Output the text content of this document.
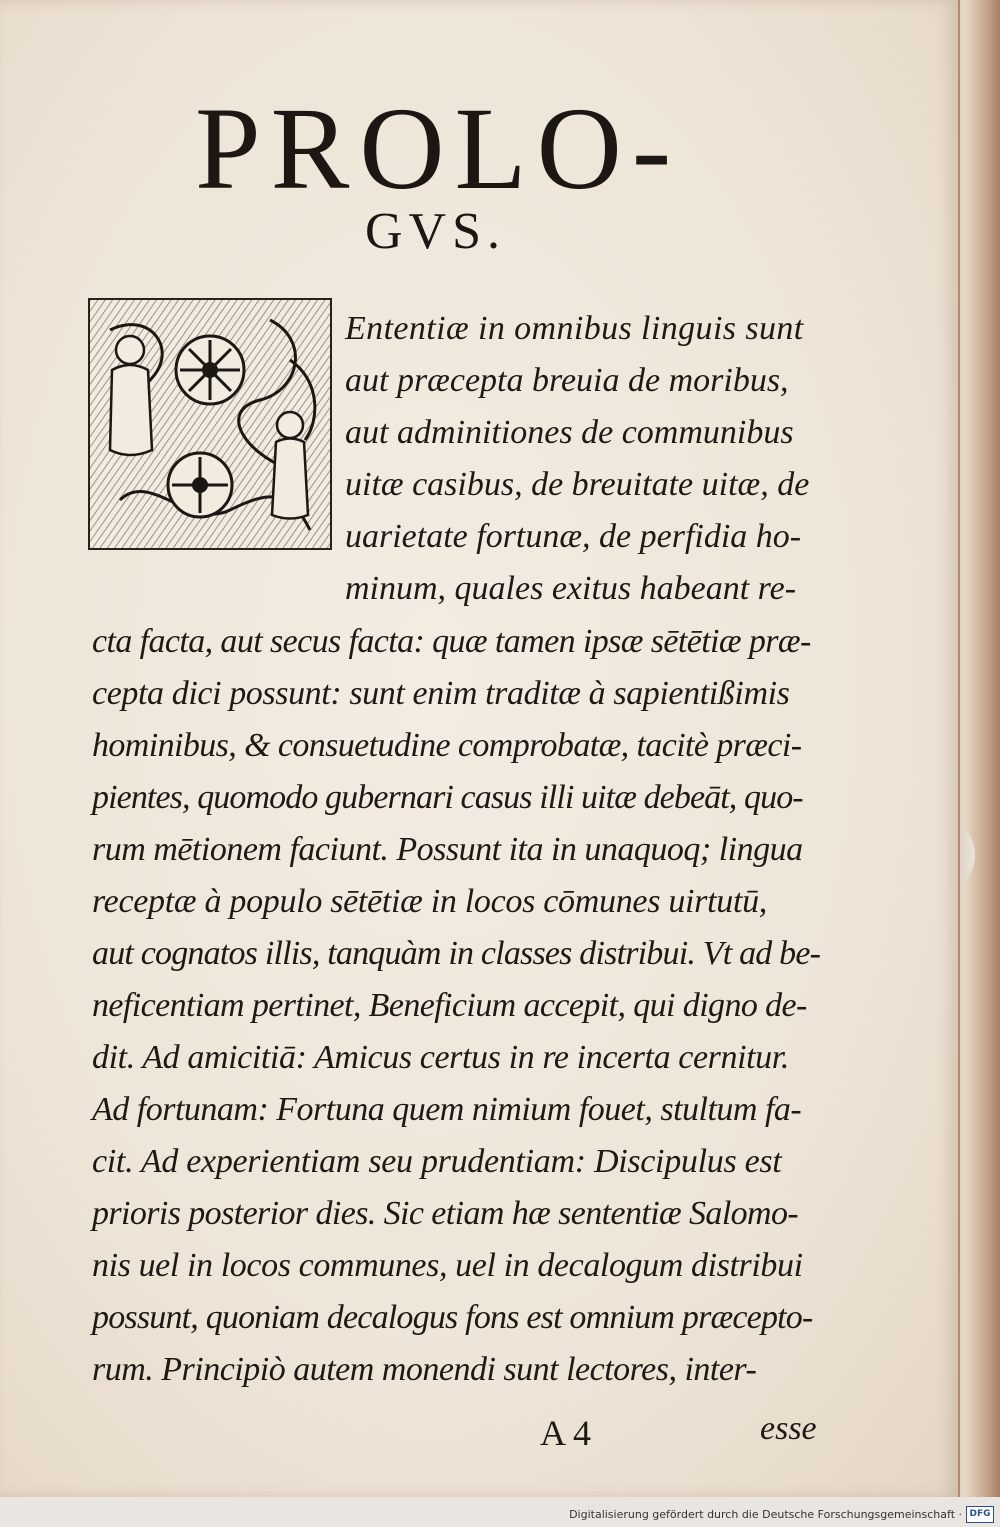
PROLO-
GVS.

Ententiæ in omnibus linguis sunt

aut præcepta breuia de moribus,

aut adminitiones de communibus

uitæ casibus, de breuitate uitæ, de

uarietate fortunæ, de perfidia ho-

minum, quales exitus habeant re-

cta facta, aut secus facta: quæ tamen ipsæ sētētiæ præ-

cepta dici possunt: sunt enim traditæ à sapientißimis

hominibus, & consuetudine comprobatæ, tacitè præci-

pientes, quomodo gubernari casus illi uitæ debeāt, quo-

rum mētionem faciunt. Possunt ita in unaquoq; lingua

receptæ à populo sētētiæ in locos cōmunes uirtutū,

aut cognatos illis, tanquàm in classes distribui. Vt ad be-

neficentiam pertinet, Beneficium accepit, qui digno de-

dit. Ad amicitiā: Amicus certus in re incerta cernitur.

Ad fortunam: Fortuna quem nimium fouet, stultum fa-

cit. Ad experientiam seu prudentiam: Discipulus est

prioris posterior dies. Sic etiam hæ sententiæ Salomo-

nis uel in locos communes, uel in decalogum distribui

possunt, quoniam decalogus fons est omnium præcepto-

rum. Principiò autem monendi sunt lectores, inter-

A 4	esse

Digitalisierung gefördert durch die Deutsche Forschungsgemeinschaft · DFG
